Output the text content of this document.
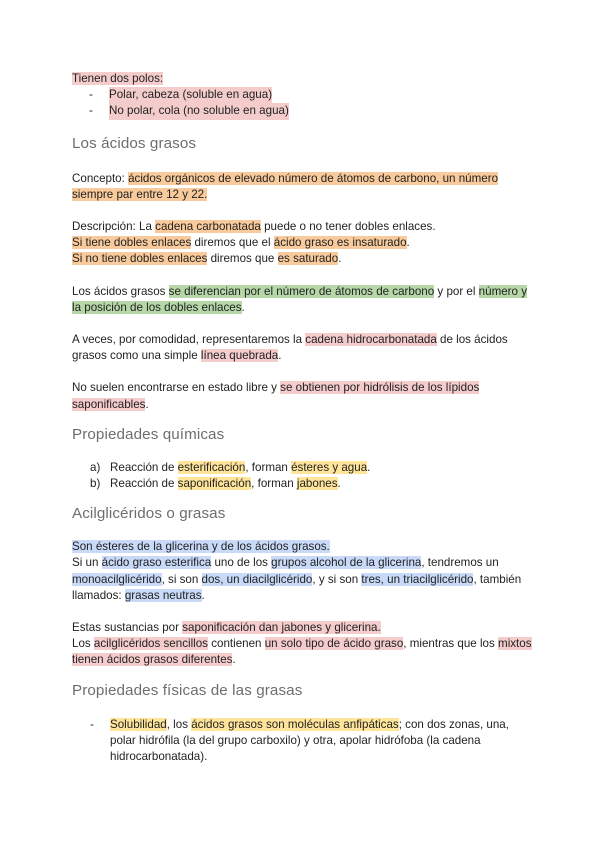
Tienen dos polos:

-	Polar, cabeza (soluble en agua)
-	No polar, cola (no soluble en agua)
Los ácidos grasos

Concepto: ácidos orgánicos de elevado número de átomos de carbono, un número siempre par entre 12 y 22.

Descripción: La cadena carbonatada puede o no tener dobles enlaces.

Si tiene dobles enlaces diremos que el ácido graso es insaturado.

Si no tiene dobles enlaces diremos que es saturado.

Los ácidos grasos se diferencian por el número de átomos de carbono y por el número y la posición de los dobles enlaces.

A veces, por comodidad, representaremos la cadena hidrocarbonatada de los ácidos grasos como una simple línea quebrada.

No suelen encontrarse en estado libre y se obtienen por hidrólisis de los lípidos saponificables.

Propiedades químicas
a) Reacción de esterificación, forman ésteres y agua.
b) Reacción de saponificación, forman jabones.
Acilglicéridos o grasas

Son ésteres de la glicerina y de los ácidos grasos.

Si un ácido graso esterifica uno de los grupos alcohol de la glicerina, tendremos un monoacilglicérido, si son dos, un diacilglicérido, y si son tres, un triacilglicérido, también llamados: grasas neutras.

Estas sustancias por saponificación dan jabones y glicerina.

Los acilglicéridos sencillos contienen un solo tipo de ácido graso, mientras que los mixtos tienen ácidos grasos diferentes.

Propiedades físicas de las grasas
-	Solubilidad, los ácidos grasos son moléculas anfipáticas; con dos zonas, una, polar hidrófila (la del grupo carboxilo) y otra, apolar hidrófoba (la cadena hidrocarbonatada).
